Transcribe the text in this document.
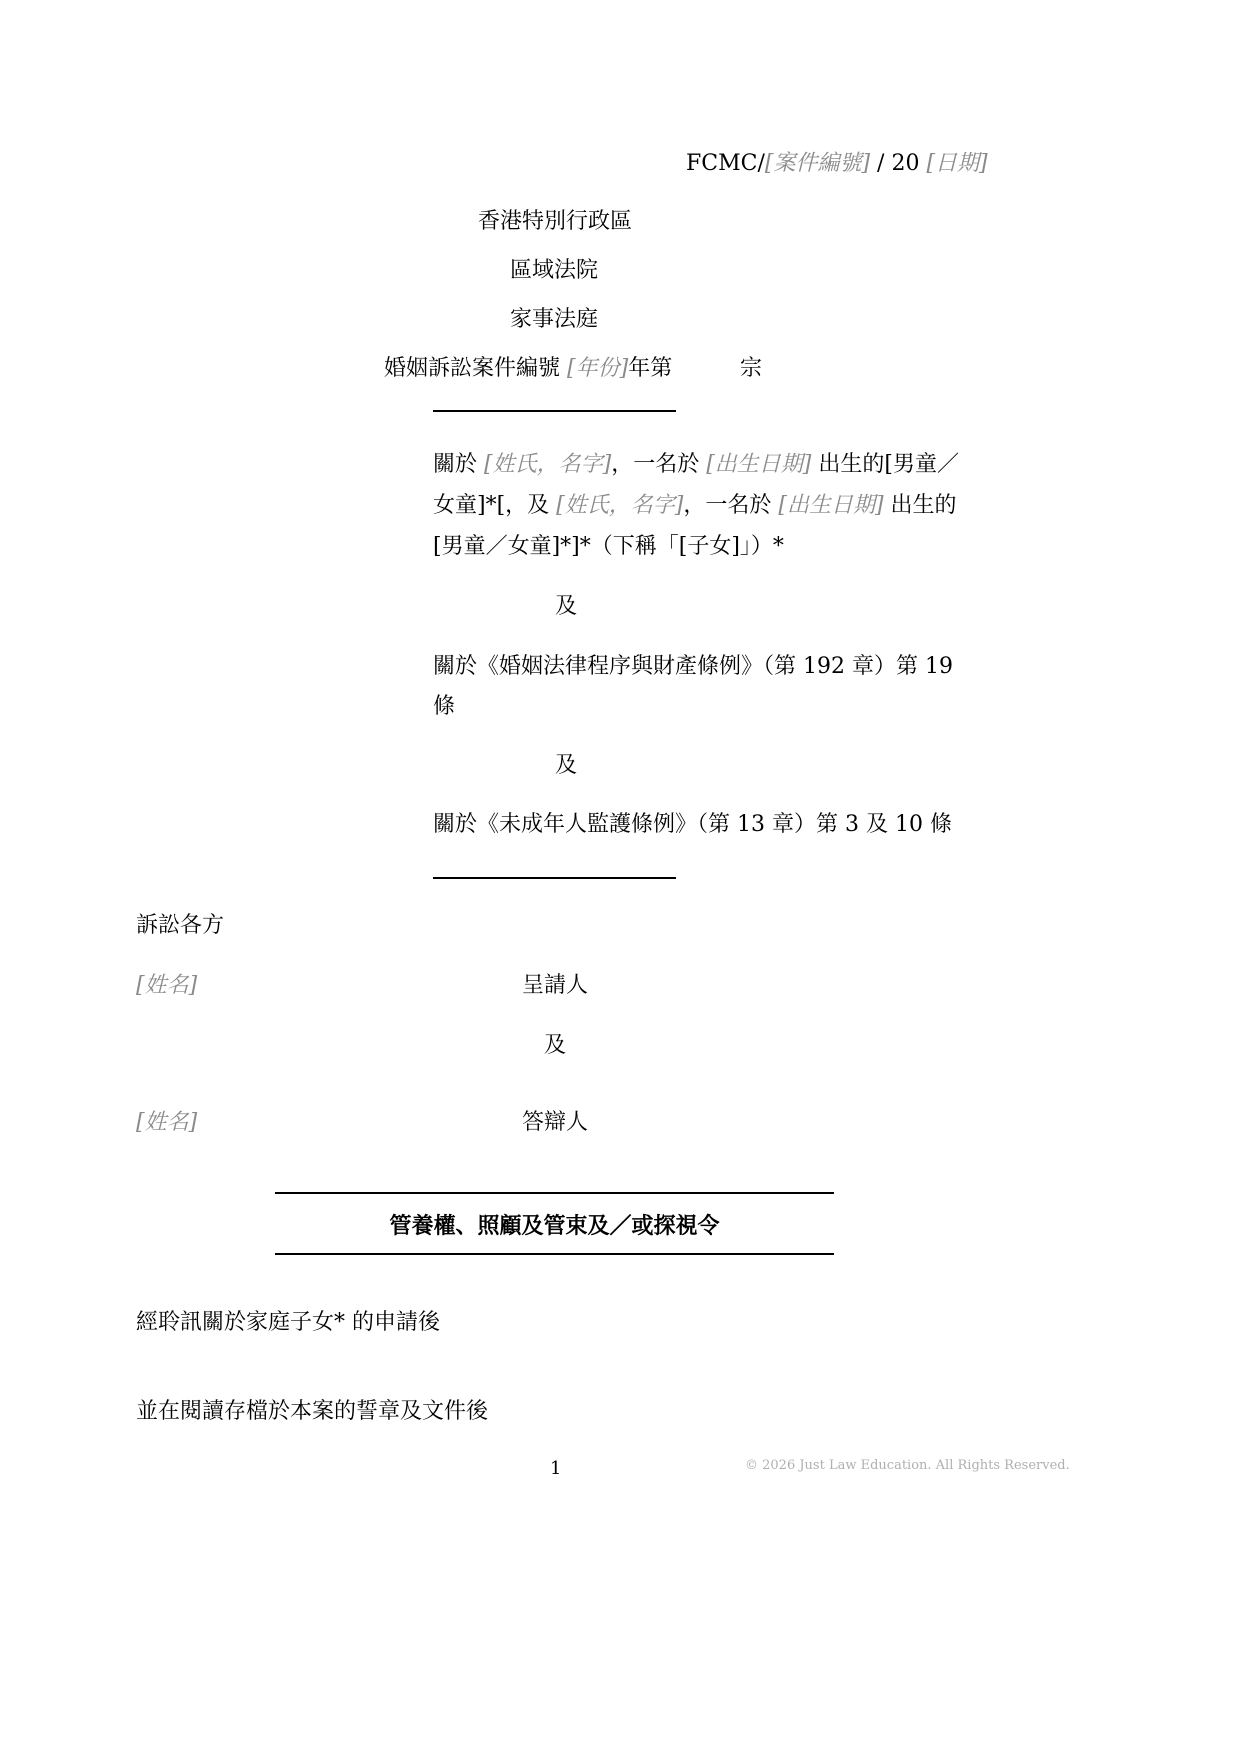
FCMC/[案件編號] / 20 [日期]
香港特別行政區
區域法院
家事法庭
婚姻訴訟案件編號 [年份]年第	宗
關於 [姓氏，名字]，一名於 [出生日期] 出生的[男童／
女童]*[，及 [姓氏，名字]，一名於 [出生日期] 出生的
[男童／女童]*]*（下稱「[子女]」）*
及
關於《婚姻法律程序與財產條例》（第 192 章）第 19
條
及
關於《未成年人監護條例》（第 13 章）第 3 及 10 條
訴訟各方
[姓名]	呈請人
及
[姓名]	答辯人
管養權、照顧及管束及／或探視令
經聆訊關於家庭子女* 的申請後
並在閱讀存檔於本案的誓章及文件後
1	© 2026 Just Law Education. All Rights Reserved.
